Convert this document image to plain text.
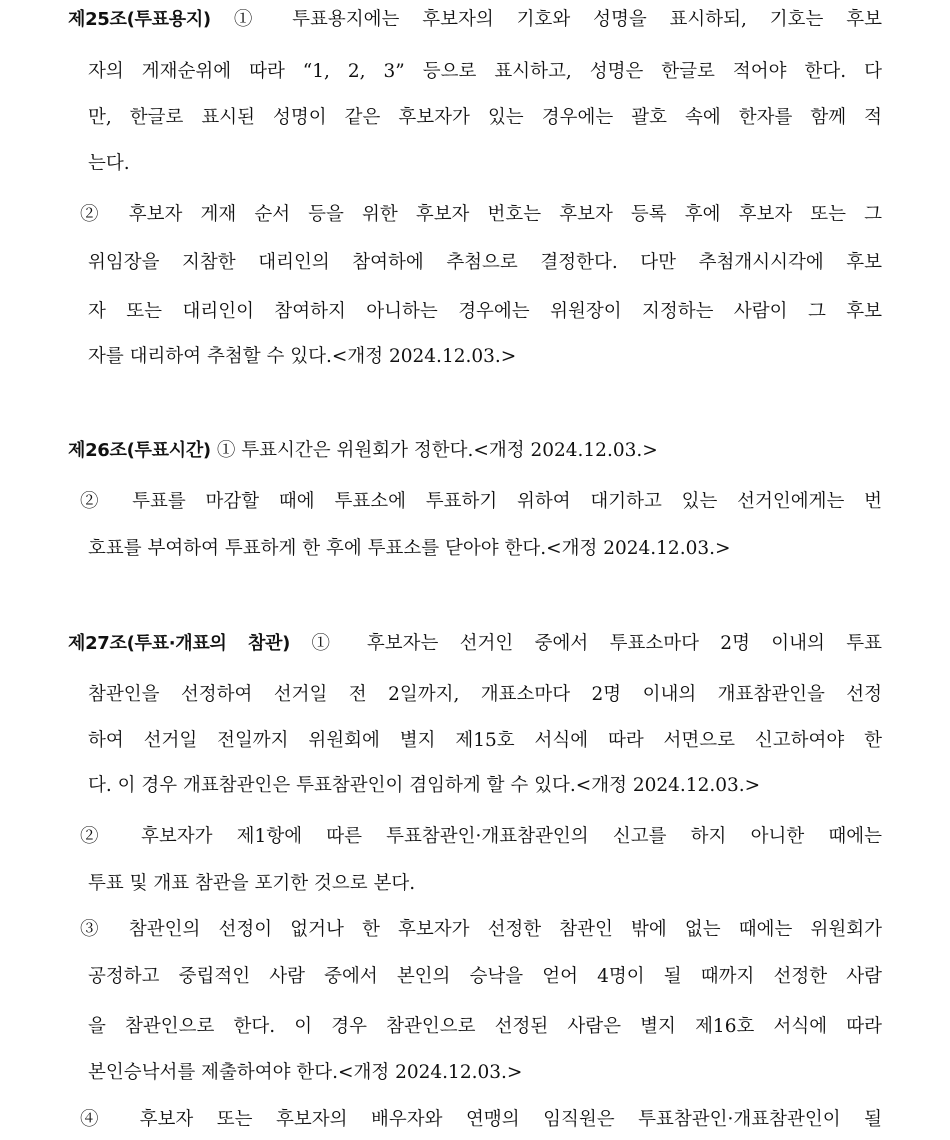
제25조(투표용지) ① 투표용지에는 후보자의 기호와 성명을 표시하되, 기호는 후보
자의 게재순위에 따라 “1, 2, 3” 등으로 표시하고, 성명은 한글로 적어야 한다. 다
만, 한글로 표시된 성명이 같은 후보자가 있는 경우에는 괄호 속에 한자를 함께 적
는다.
② 후보자 게재 순서 등을 위한 후보자 번호는 후보자 등록 후에 후보자 또는 그
위임장을 지참한 대리인의 참여하에 추첨으로 결정한다. 다만 추첨개시시각에 후보
자 또는 대리인이 참여하지 아니하는 경우에는 위원장이 지정하는 사람이 그 후보
자를 대리하여 추첨할 수 있다.<개정 2024.12.03.>
제26조(투표시간) ① 투표시간은 위원회가 정한다.<개정 2024.12.03.>
② 투표를 마감할 때에 투표소에 투표하기 위하여 대기하고 있는 선거인에게는 번
호표를 부여하여 투표하게 한 후에 투표소를 닫아야 한다.<개정 2024.12.03.>
제27조(투표·개표의 참관) ① 후보자는 선거인 중에서 투표소마다 2명 이내의 투표
참관인을 선정하여 선거일 전 2일까지, 개표소마다 2명 이내의 개표참관인을 선정
하여 선거일 전일까지 위원회에 별지 제15호 서식에 따라 서면으로 신고하여야 한
다. 이 경우 개표참관인은 투표참관인이 겸임하게 할 수 있다.<개정 2024.12.03.>
② 후보자가 제1항에 따른 투표참관인·개표참관인의 신고를 하지 아니한 때에는
투표 및 개표 참관을 포기한 것으로 본다.
③ 참관인의 선정이 없거나 한 후보자가 선정한 참관인 밖에 없는 때에는 위원회가
공정하고 중립적인 사람 중에서 본인의 승낙을 얻어 4명이 될 때까지 선정한 사람
을 참관인으로 한다. 이 경우 참관인으로 선정된 사람은 별지 제16호 서식에 따라
본인승낙서를 제출하여야 한다.<개정 2024.12.03.>
④ 후보자 또는 후보자의 배우자와 연맹의 임직원은 투표참관인·개표참관인이 될
